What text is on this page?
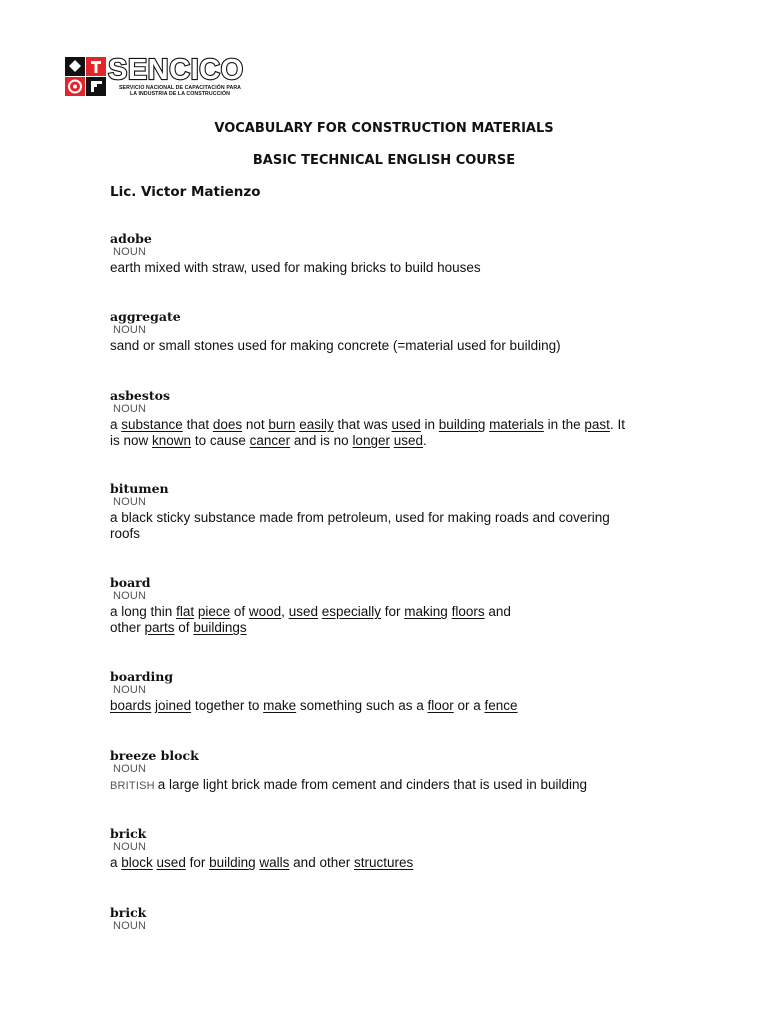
SENCICO
SERVICIO NACIONAL DE CAPACITACIÓN PARA
LA INDUSTRIA DE LA CONSTRUCCIÓN
VOCABULARY FOR CONSTRUCTION MATERIALS
BASIC TECHNICAL ENGLISH COURSE
Lic. Victor Matienzo
adobe
NOUN
earth mixed with straw, used for making bricks to build houses
aggregate
NOUN
sand or small stones used for making concrete (=material used for building)
asbestos
NOUN
a substance that does not burn easily that was used in building materials in the past. It
is now known to cause cancer and is no longer used.
bitumen
NOUN
a black sticky substance made from petroleum, used for making roads and covering
roofs
board
NOUN
a long thin flat piece of wood, used especially for making floors and
other parts of buildings
boarding
NOUN
boards joined together to make something such as a floor or a fence
breeze block
NOUN
BRITISH a large light brick made from cement and cinders that is used in building
brick
NOUN
a block used for building walls and other structures
brick
NOUN
